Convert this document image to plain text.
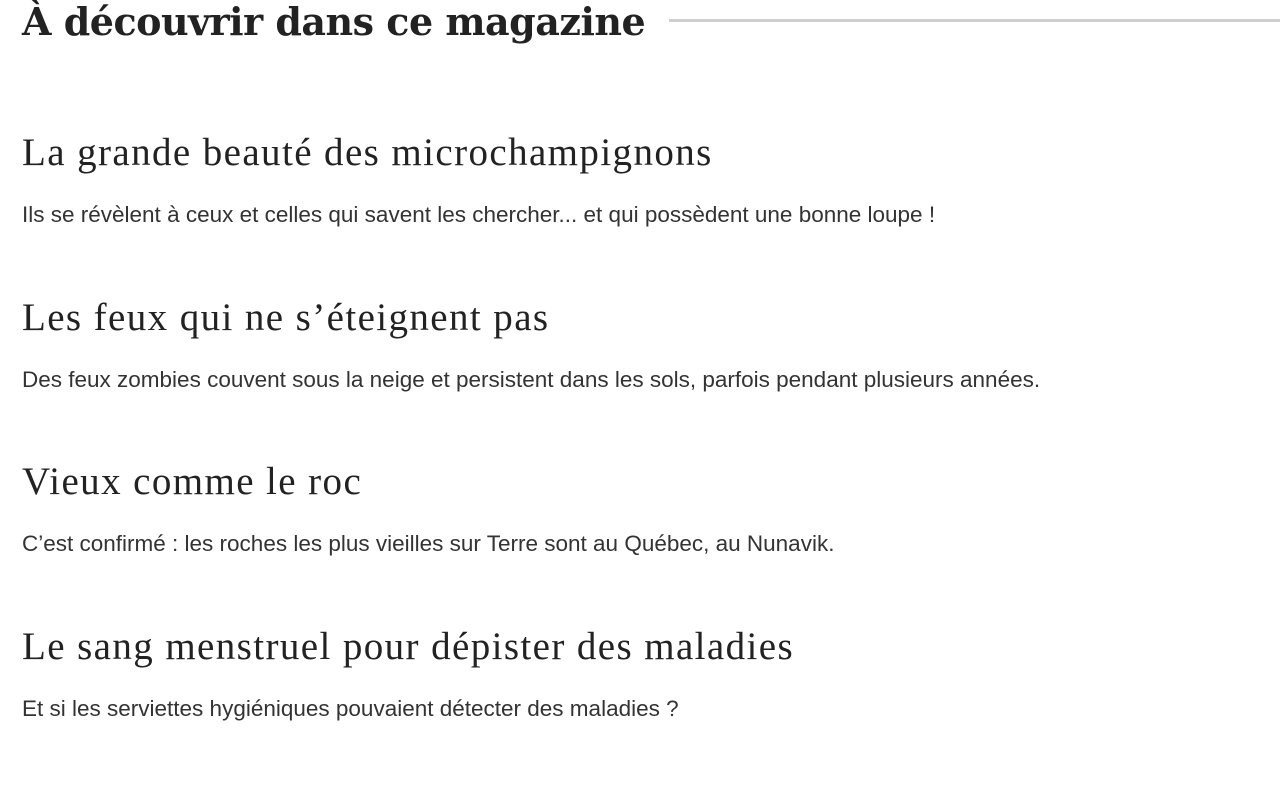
À découvrir dans ce magazine
La grande beauté des microchampignons

Ils se révèlent à ceux et celles qui savent les chercher... et qui possèdent une bonne loupe !

Les feux qui ne s’éteignent pas

Des feux zombies couvent sous la neige et persistent dans les sols, parfois pendant plusieurs années.

Vieux comme le roc

C’est confirmé : les roches les plus vieilles sur Terre sont au Québec, au Nunavik.

Le sang menstruel pour dépister des maladies

Et si les serviettes hygiéniques pouvaient détecter des maladies ?
